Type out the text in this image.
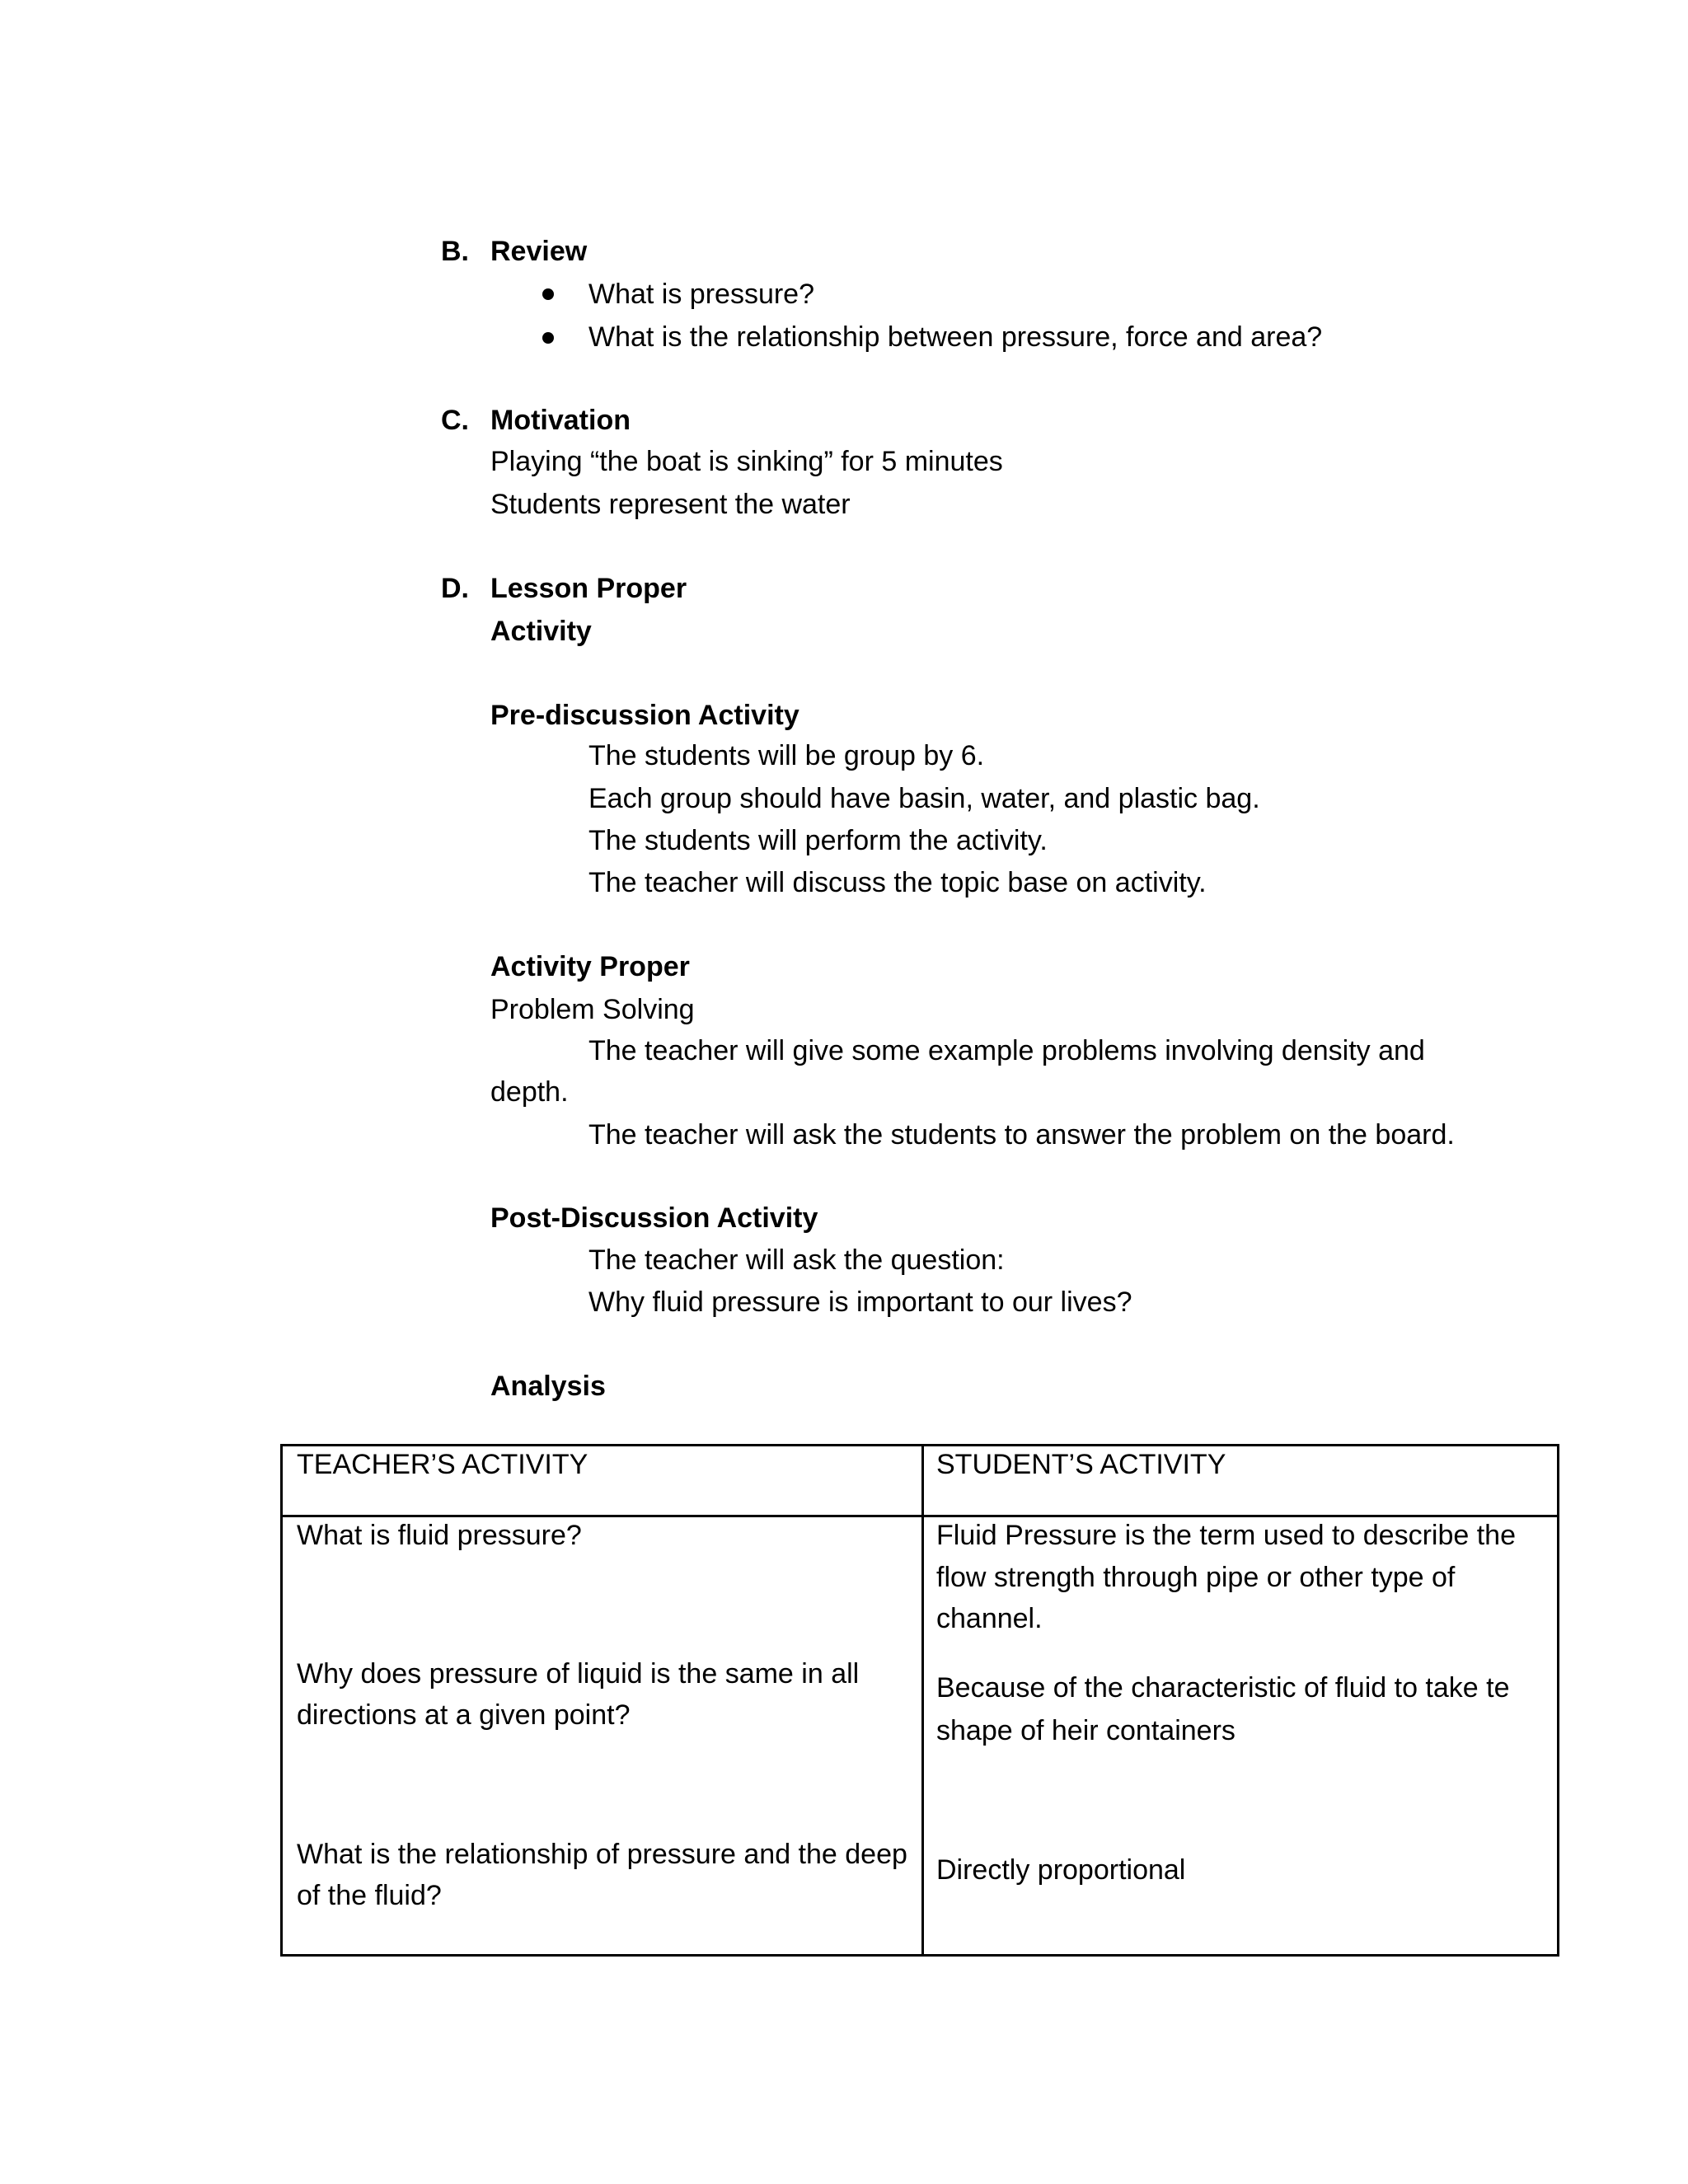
B. Review
What is pressure?
What is the relationship between pressure, force and area?
C. Motivation
Playing “the boat is sinking” for 5 minutes
Students represent the water
D. Lesson Proper
Activity
Pre-discussion Activity
The students will be group by 6.
Each group should have basin, water, and plastic bag.
The students will perform the activity.
The teacher will discuss the topic base on activity.
Activity Proper
Problem Solving
The teacher will give some example problems involving density and
depth.
The teacher will ask the students to answer the problem on the board.
Post-Discussion Activity
The teacher will ask the question:
Why fluid pressure is important to our lives?
Analysis
TEACHER’S ACTIVITY	STUDENT’S ACTIVITY
What is fluid pressure?	Fluid Pressure is the term used to describe the
flow strength through pipe or other type of
channel.
Why does pressure of liquid is the same in all
directions at a given point?
Because of the characteristic of fluid to take te
shape of heir containers
What is the relationship of pressure and the deep
of the fluid?
Directly proportional
